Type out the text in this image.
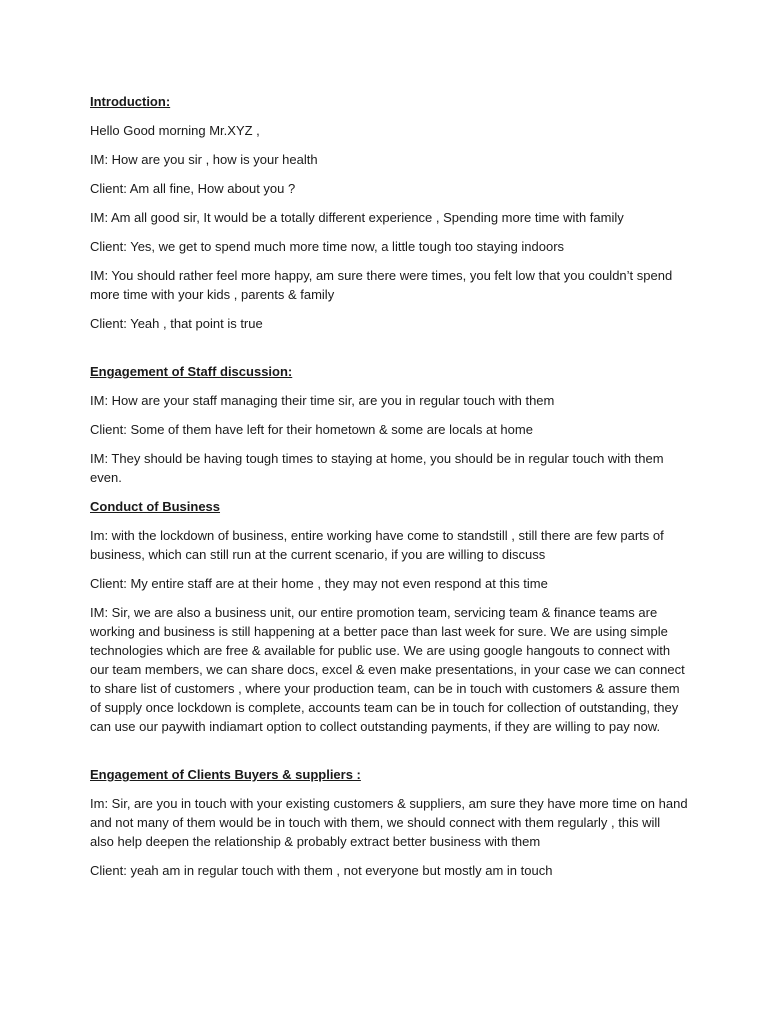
Introduction:
Hello Good morning Mr.XYZ ,
IM: How are you sir , how is your health
Client: Am all fine, How about you ?
IM: Am all good sir, It would be a totally different experience , Spending more time with family
Client: Yes, we get to spend much more time now, a little tough too staying indoors
IM: You should rather feel more happy, am sure there were times, you felt low that you couldn’t spend
more time with your kids , parents & family
Client: Yeah , that point is true
Engagement of Staff discussion:
IM: How are your staff managing their time sir, are you in regular touch with them
Client: Some of them have left for their hometown & some are locals at home
IM: They should be having tough times to staying at home, you should be in regular touch with them
even.
Conduct of Business
Im: with the lockdown of business, entire working have come to standstill , still there are few parts of
business, which can still run at the current scenario, if you are willing to discuss
Client: My entire staff are at their home , they may not even respond at this time
IM: Sir, we are also a business unit, our entire promotion team, servicing team & finance teams are
working and business is still happening at a better pace than last week for sure. We are using simple
technologies which are free & available for public use. We are using google hangouts to connect with
our team members, we can share docs, excel & even make presentations, in your case we can connect
to share list of customers , where your production team, can be in touch with customers & assure them
of supply once lockdown is complete, accounts team can be in touch for collection of outstanding, they
can use our paywith indiamart option to collect outstanding payments, if they are willing to pay now.
Engagement of Clients Buyers & suppliers :
Im: Sir, are you in touch with your existing customers & suppliers, am sure they have more time on hand
and not many of them would be in touch with them, we should connect with them regularly , this will
also help deepen the relationship & probably extract better business with them
Client: yeah am in regular touch with them , not everyone but mostly am in touch
